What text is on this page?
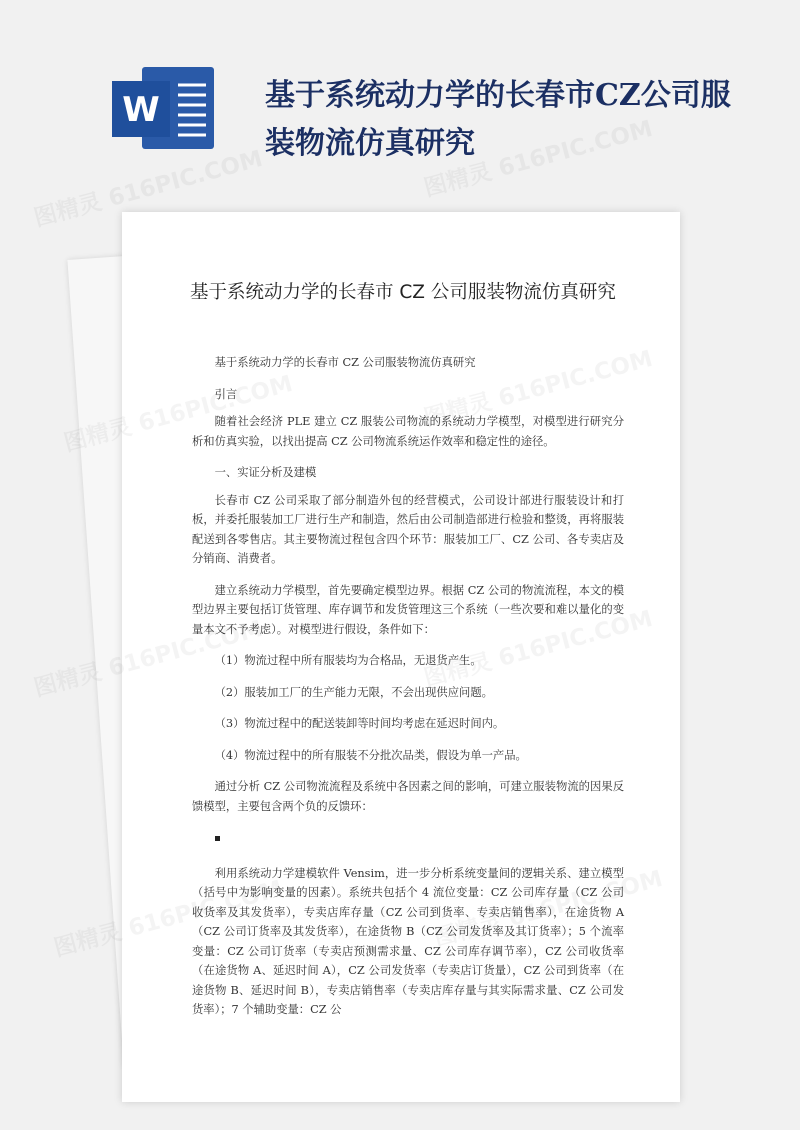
W	基于系统动力学的长春市CZ公司服装物流仿真研究
基于系统动力学的长春市 CZ 公司服装物流仿真研究

基于系统动力学的长春市 CZ 公司服装物流仿真研究

引言

随着社会经济 PLE 建立 CZ 服装公司物流的系统动力学模型，对模型进行研究分析和仿真实验，以找出提高 CZ 公司物流系统运作效率和稳定性的途径。

一、实证分析及建模

长春市 CZ 公司采取了部分制造外包的经营模式，公司设计部进行服装设计和打板，并委托服装加工厂进行生产和制造，然后由公司制造部进行检验和整烫，再将服装配送到各零售店。其主要物流过程包含四个环节：服装加工厂、CZ 公司、各专卖店及分销商、消费者。

建立系统动力学模型，首先要确定模型边界。根据 CZ 公司的物流流程，本文的模型边界主要包括订货管理、库存调节和发货管理这三个系统（一些次要和难以量化的变量本文不予考虑）。对模型进行假设，条件如下：

（1）物流过程中所有服装均为合格品，无退货产生。

（2）服装加工厂的生产能力无限，不会出现供应问题。

（3）物流过程中的配送装卸等时间均考虑在延迟时间内。

（4）物流过程中的所有服装不分批次品类，假设为单一产品。

通过分析 CZ 公司物流流程及系统中各因素之间的影响，可建立服装物流的因果反馈模型，主要包含两个负的反馈环：

利用系统动力学建模软件 Vensim，进一步分析系统变量间的逻辑关系、建立模型（括号中为影响变量的因素）。系统共包括个 4 流位变量：CZ 公司库存量（CZ 公司收货率及其发货率），专卖店库存量（CZ 公司到货率、专卖店销售率），在途货物 A（CZ 公司订货率及其发货率），在途货物 B（CZ 公司发货率及其订货率）；5 个流率变量：CZ 公司订货率（专卖店预测需求量、CZ 公司库存调节率），CZ 公司收货率（在途货物 A、延迟时间 A），CZ 公司发货率（专卖店订货量），CZ 公司到货率（在途货物 B、延迟时间 B），专卖店销售率（专卖店库存量与其实际需求量、CZ 公司发货率）；7 个辅助变量：CZ 公
